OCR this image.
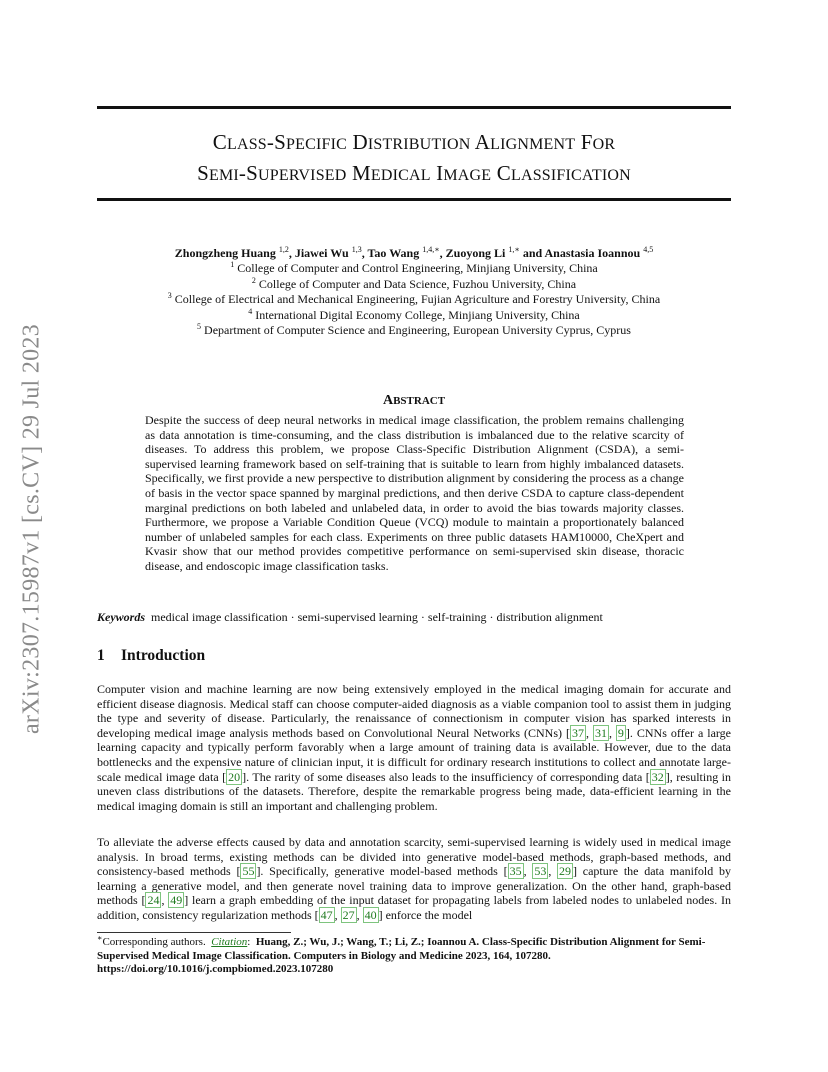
arXiv:2307.15987v1 [cs.CV] 29 Jul 2023
CLASS-SPECIFIC DISTRIBUTION ALIGNMENT FOR
SEMI-SUPERVISED MEDICAL IMAGE CLASSIFICATION
Zhongzheng Huang $^{1,2}$, Jiawei Wu $^{1,3}$, Tao Wang $^{1,4,∗}$, Zuoyong Li $^{1,∗}$ and Anastasia Ioannou $^{4,5}$
$^1$ College of Computer and Control Engineering, Minjiang University, China
$^2$ College of Computer and Data Science, Fuzhou University, China
$^3$ College of Electrical and Mechanical Engineering, Fujian Agriculture and Forestry University, China
$^4$ International Digital Economy College, Minjiang University, China
$^5$ Department of Computer Science and Engineering, European University Cyprus, Cyprus
ABSTRACT
Despite the success of deep neural networks in medical image classification, the problem remains challenging as data annotation is time-consuming, and the class distribution is imbalanced due to the relative scarcity of diseases. To address this problem, we propose Class-Specific Distribution Alignment (CSDA), a semi-supervised learning framework based on self-training that is suitable to learn from highly imbalanced datasets. Specifically, we first provide a new perspective to distribution alignment by considering the process as a change of basis in the vector space spanned by marginal predictions, and then derive CSDA to capture class-dependent marginal predictions on both labeled and unlabeled data, in order to avoid the bias towards majority classes. Furthermore, we propose a Variable Condition Queue (VCQ) module to maintain a proportionately balanced number of unlabeled samples for each class. Experiments on three public datasets HAM10000, CheXpert and Kvasir show that our method provides competitive performance on semi-supervised skin disease, thoracic disease, and endoscopic image classification tasks.
Keywords medical image classification · semi-supervised learning · self-training · distribution alignment
1 Introduction
Computer vision and machine learning are now being extensively employed in the medical imaging domain for accurate and efficient disease diagnosis. Medical staff can choose computer-aided diagnosis as a viable companion tool to assist them in judging the type and severity of disease. Particularly, the renaissance of connectionism in computer vision has sparked interests in developing medical image analysis methods based on Convolutional Neural Networks (CNNs) [ 37 , 31 , 9 ]. CNNs offer a large learning capacity and typically perform favorably when a large amount of training data is available. However, due to the data bottlenecks and the expensive nature of clinician input, it is difficult for ordinary research institutions to collect and annotate large-scale medical image data [ 20 ]. The rarity of some diseases also leads to the insufficiency of corresponding data [ 32 ], resulting in uneven class distributions of the datasets. Therefore, despite the remarkable progress being made, data-efficient learning in the medical imaging domain is still an important and challenging problem.
To alleviate the adverse effects caused by data and annotation scarcity, semi-supervised learning is widely used in medical image analysis. In broad terms, existing methods can be divided into generative model-based methods, graph-based methods, and consistency-based methods [ 55 ]. Specifically, generative model-based methods [ 35 , 53 , 29 ] capture the data manifold by learning a generative model, and then generate novel training data to improve generalization. On the other hand, graph-based methods [ 24 , 49 ] learn a graph embedding of the input dataset for propagating labels from labeled nodes to unlabeled nodes. In addition, consistency regularization methods [ 47 , 27 , 40 ] enforce the model
∗Corresponding authors. Citation:  Huang, Z.; Wu, J.; Wang, T.; Li, Z.; Ioannou A. Class-Specific Distribution Alignment for Semi-Supervised Medical Image Classification. Computers in Biology and Medicine 2023, 164, 107280. https://doi.org/10.1016/j.compbiomed.2023.107280
